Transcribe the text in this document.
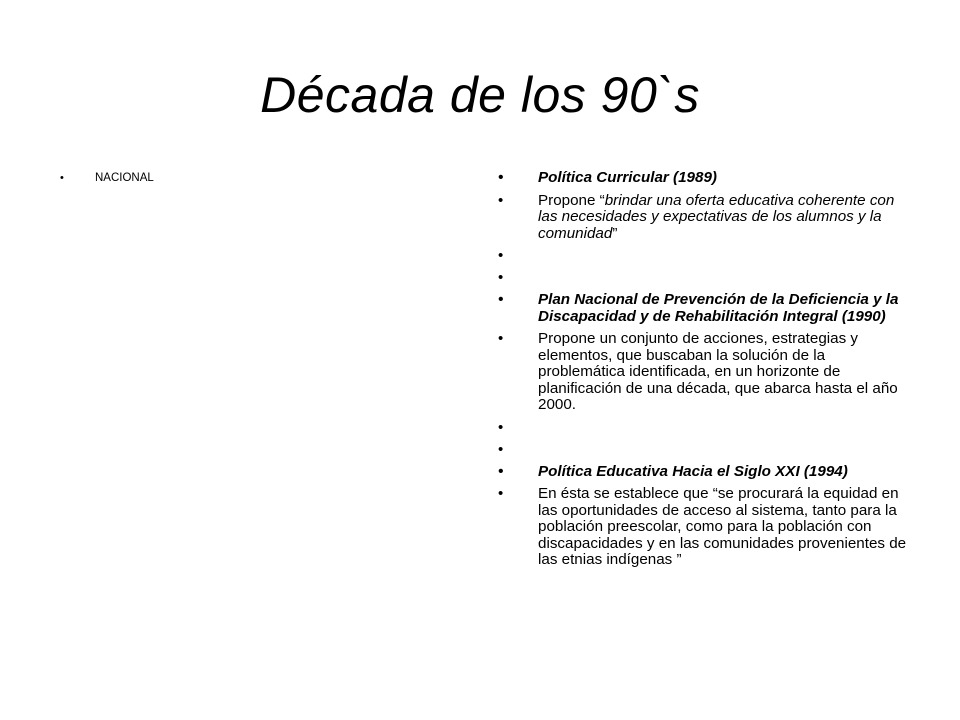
Década de los 90`s
• NACIONAL
•	Política Curricular (1989)
• Propone “brindar una oferta educativa coherente con las necesidades y expectativas de los alumnos y la comunidad”
•
•
• Plan Nacional de Prevención de la Deficiencia y la Discapacidad y de Rehabilitación Integral (1990)
• Propone un conjunto de acciones, estrategias y elementos, que buscaban la solución de la problemática identificada, en un horizonte de planificación de una década, que abarca hasta el año 2000.
•
•
• Política Educativa Hacia el Siglo XXI (1994)
• En ésta se establece que “se procurará la equidad en las oportunidades de acceso al sistema, tanto para la población preescolar, como para la población con discapacidades y en las comunidades provenientes de las etnias indígenas ”
